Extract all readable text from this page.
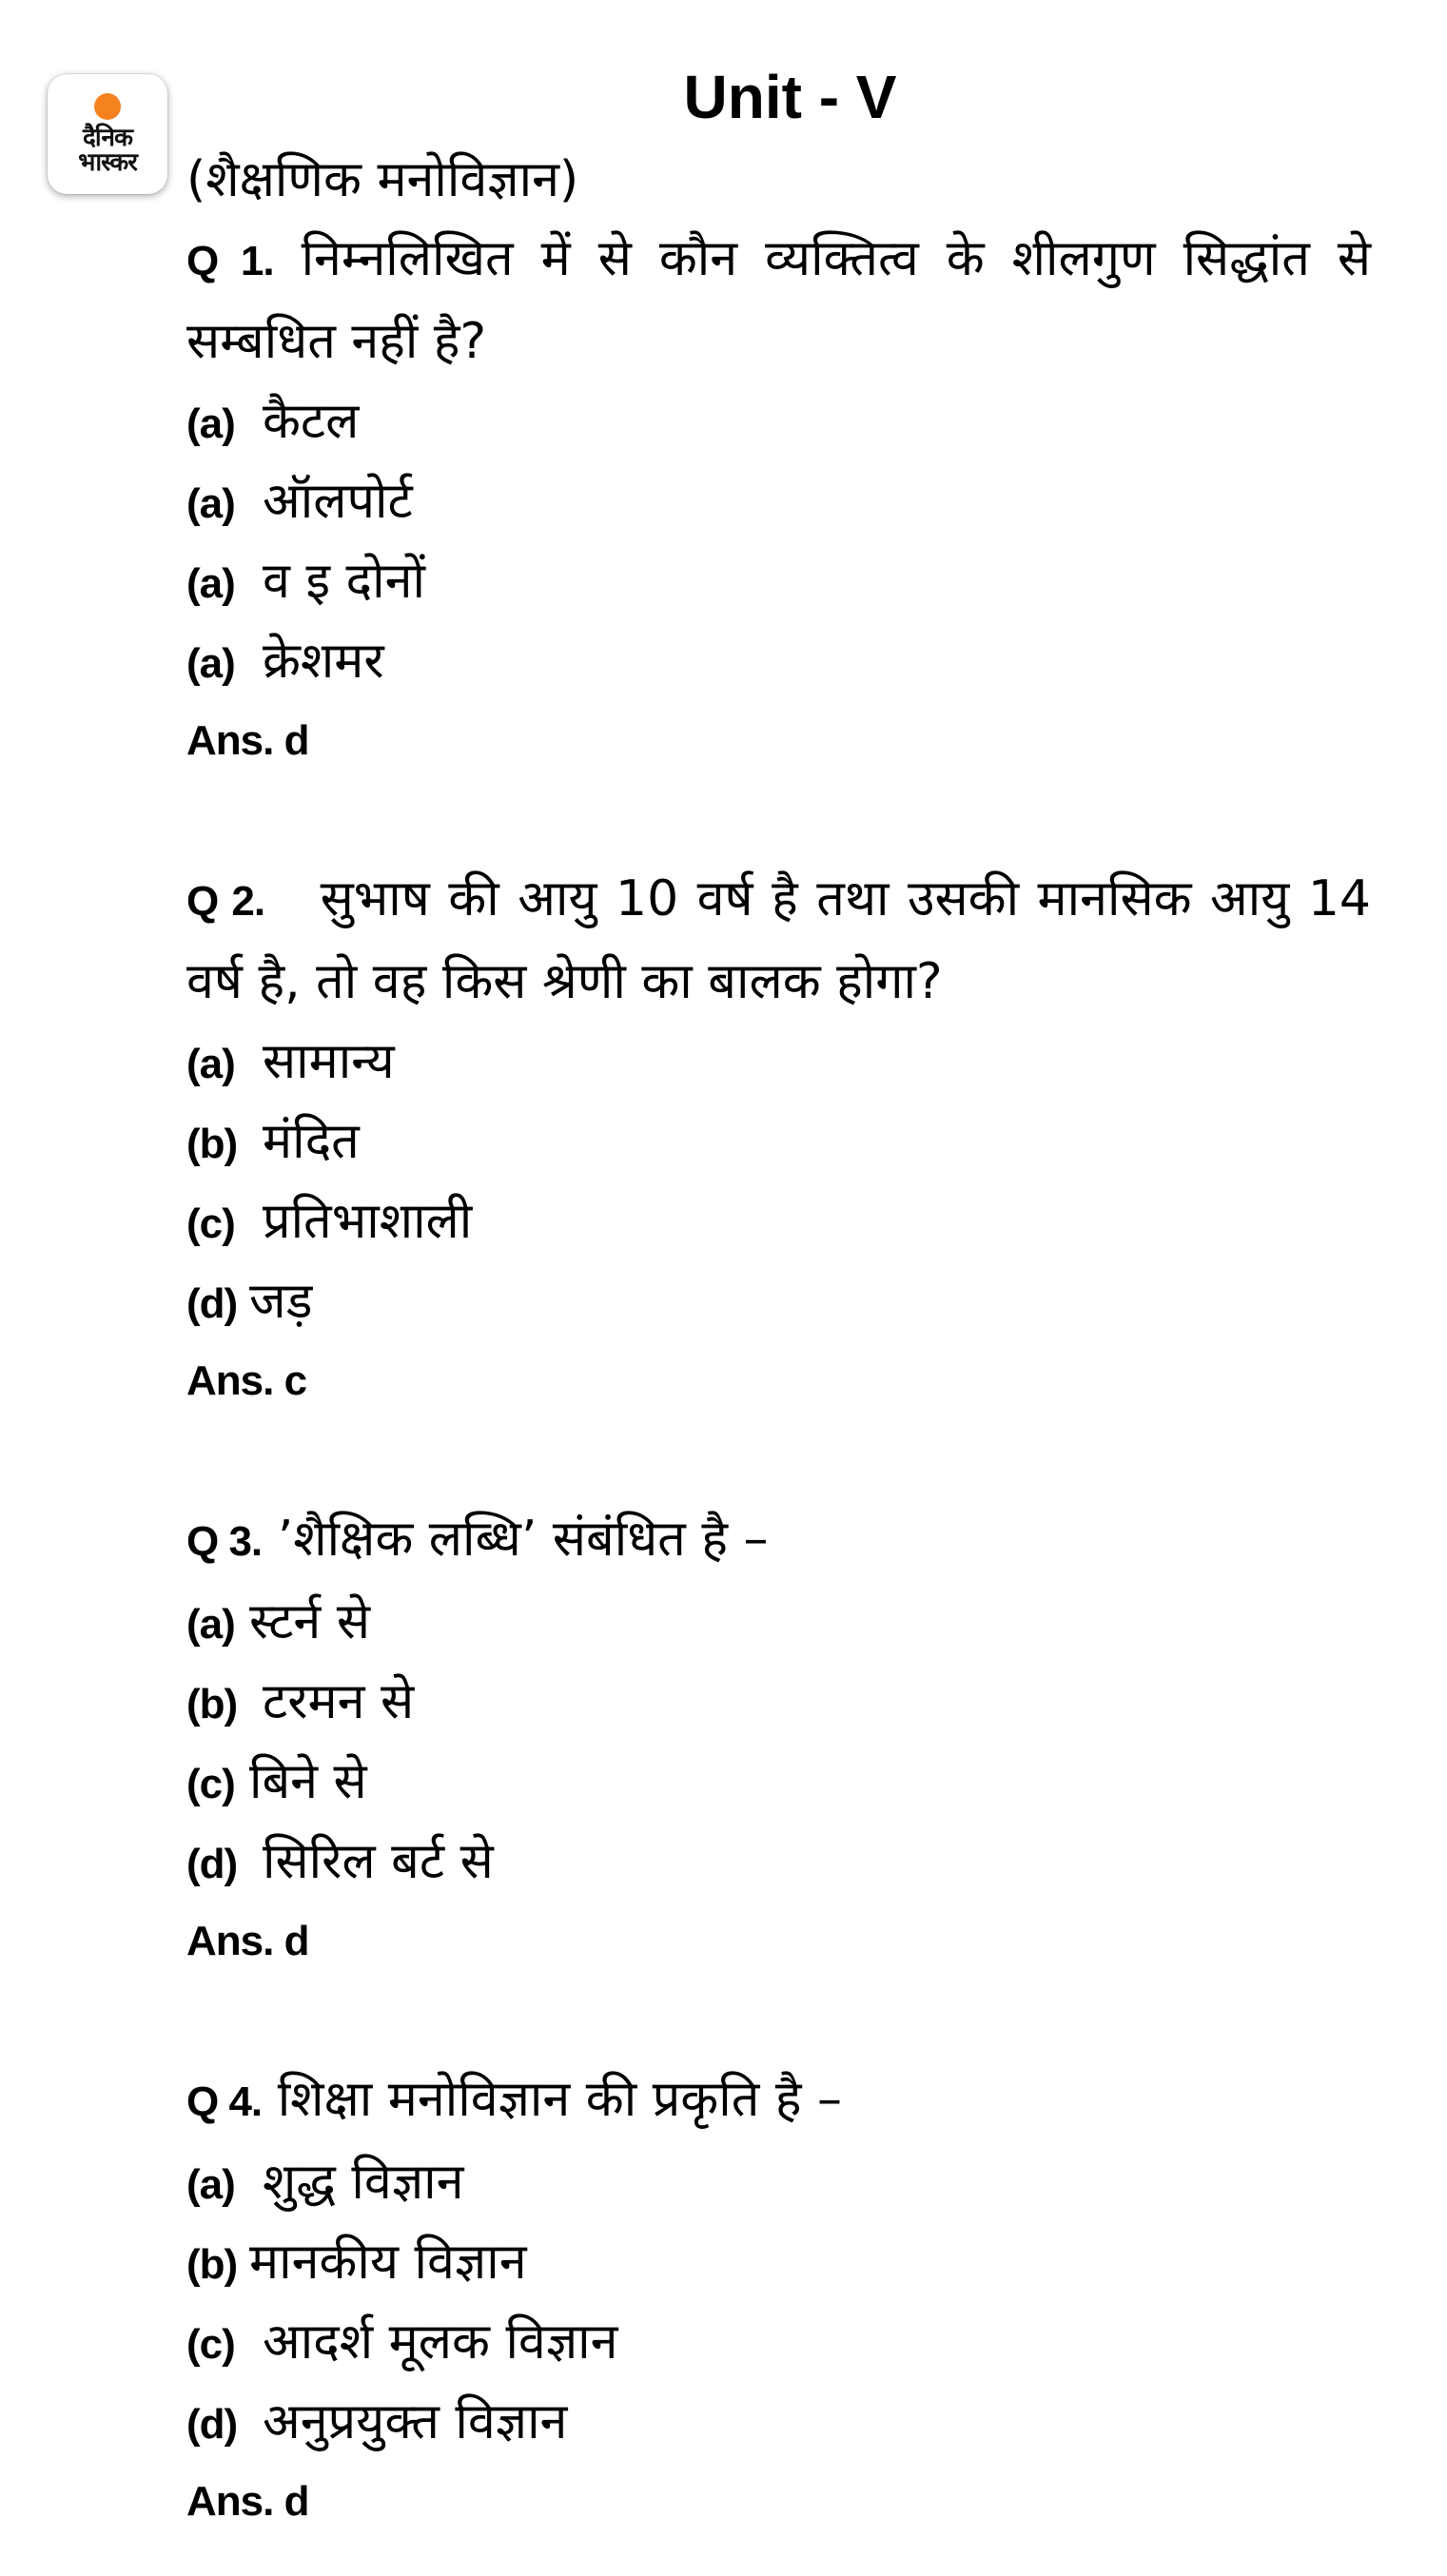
दैनिक
भास्कर
Unit - V
(शैक्षणिक मनोविज्ञान)
Q 1. निम्नलिखित में से कौन व्यक्तित्व के शीलगुण सिद्धांत से सम्बधित नहीं है?
(a) कैटल
(a) ऑलपोर्ट
(a) व इ दोनों
(a) क्रेशमर
Ans. d
Q 2. सुभाष की आयु 10 वर्ष है तथा उसकी मानसिक आयु 14 वर्ष है, तो वह किस श्रेणी का बालक होगा?
(a) सामान्य
(b) मंदित
(c) प्रतिभाशाली
(d) जड़
Ans. c
Q 3. ’शैक्षिक लब्धि’ संबंधित है –
(a) स्टर्न से
(b) टरमन से
(c) बिने से
(d) सिरिल बर्ट से
Ans. d
Q 4. शिक्षा मनोविज्ञान की प्रकृति है –
(a) शुद्ध विज्ञान
(b) मानकीय विज्ञान
(c) आदर्श मूलक विज्ञान
(d) अनुप्रयुक्त विज्ञान
Ans. d
